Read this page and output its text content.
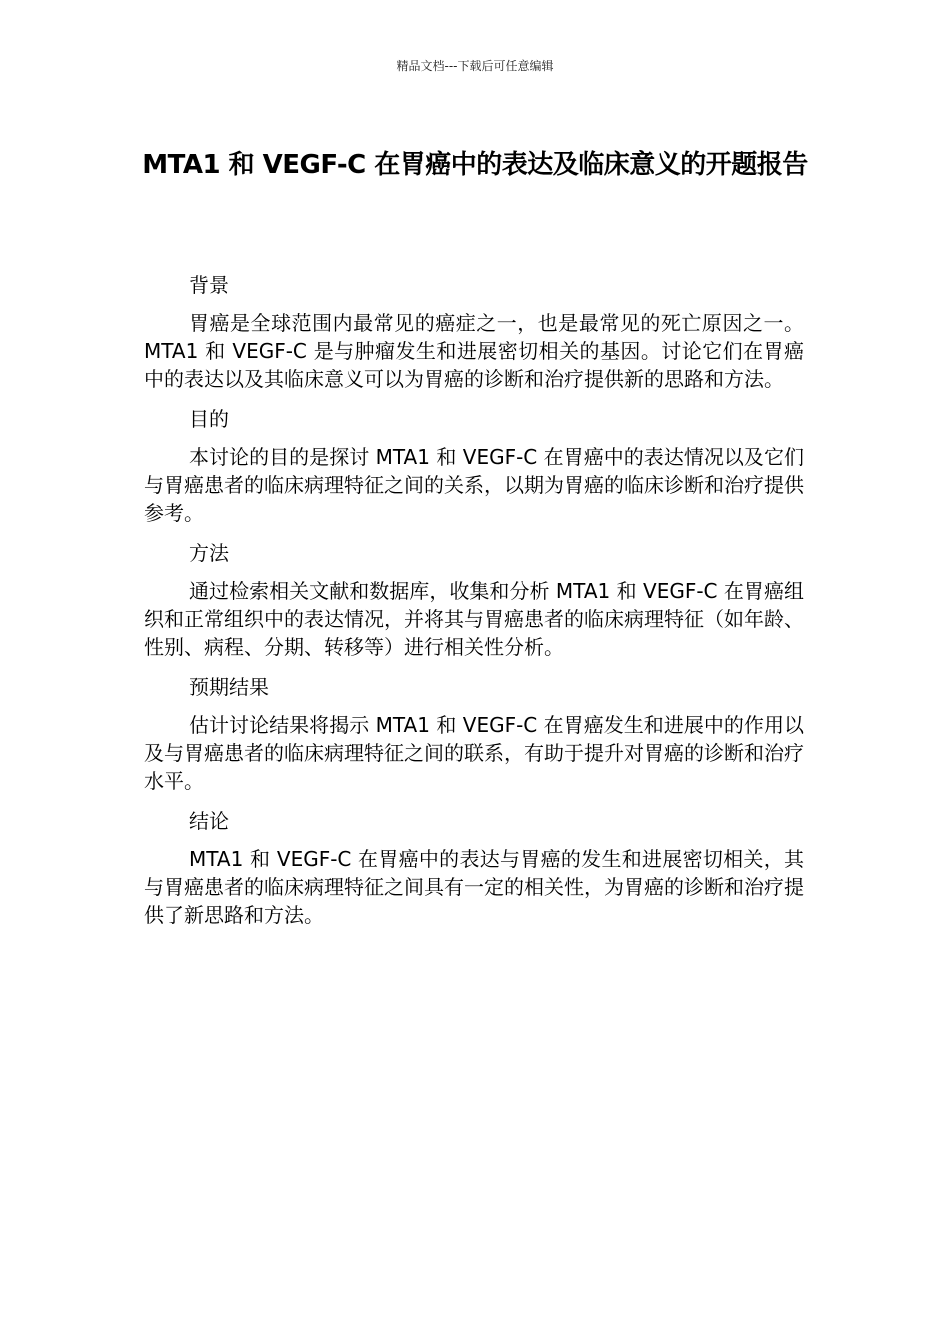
精品文档---下载后可任意编辑
MTA1 和 VEGF-C 在胃癌中的表达及临床意义的开题报告
背景
胃癌是全球范围内最常见的癌症之一，也是最常见的死亡原因之一。MTA1 和 VEGF-C 是与肿瘤发生和进展密切相关的基因。讨论它们在胃癌中的表达以及其临床意义可以为胃癌的诊断和治疗提供新的思路和方法。
目的
本讨论的目的是探讨 MTA1 和 VEGF-C 在胃癌中的表达情况以及它们与胃癌患者的临床病理特征之间的关系，以期为胃癌的临床诊断和治疗提供参考。
方法
通过检索相关文献和数据库，收集和分析 MTA1 和 VEGF-C 在胃癌组织和正常组织中的表达情况，并将其与胃癌患者的临床病理特征（如年龄、性别、病程、分期、转移等）进行相关性分析。
预期结果
估计讨论结果将揭示 MTA1 和 VEGF-C 在胃癌发生和进展中的作用以及与胃癌患者的临床病理特征之间的联系，有助于提升对胃癌的诊断和治疗水平。
结论
MTA1 和 VEGF-C 在胃癌中的表达与胃癌的发生和进展密切相关，其与胃癌患者的临床病理特征之间具有一定的相关性，为胃癌的诊断和治疗提供了新思路和方法。
